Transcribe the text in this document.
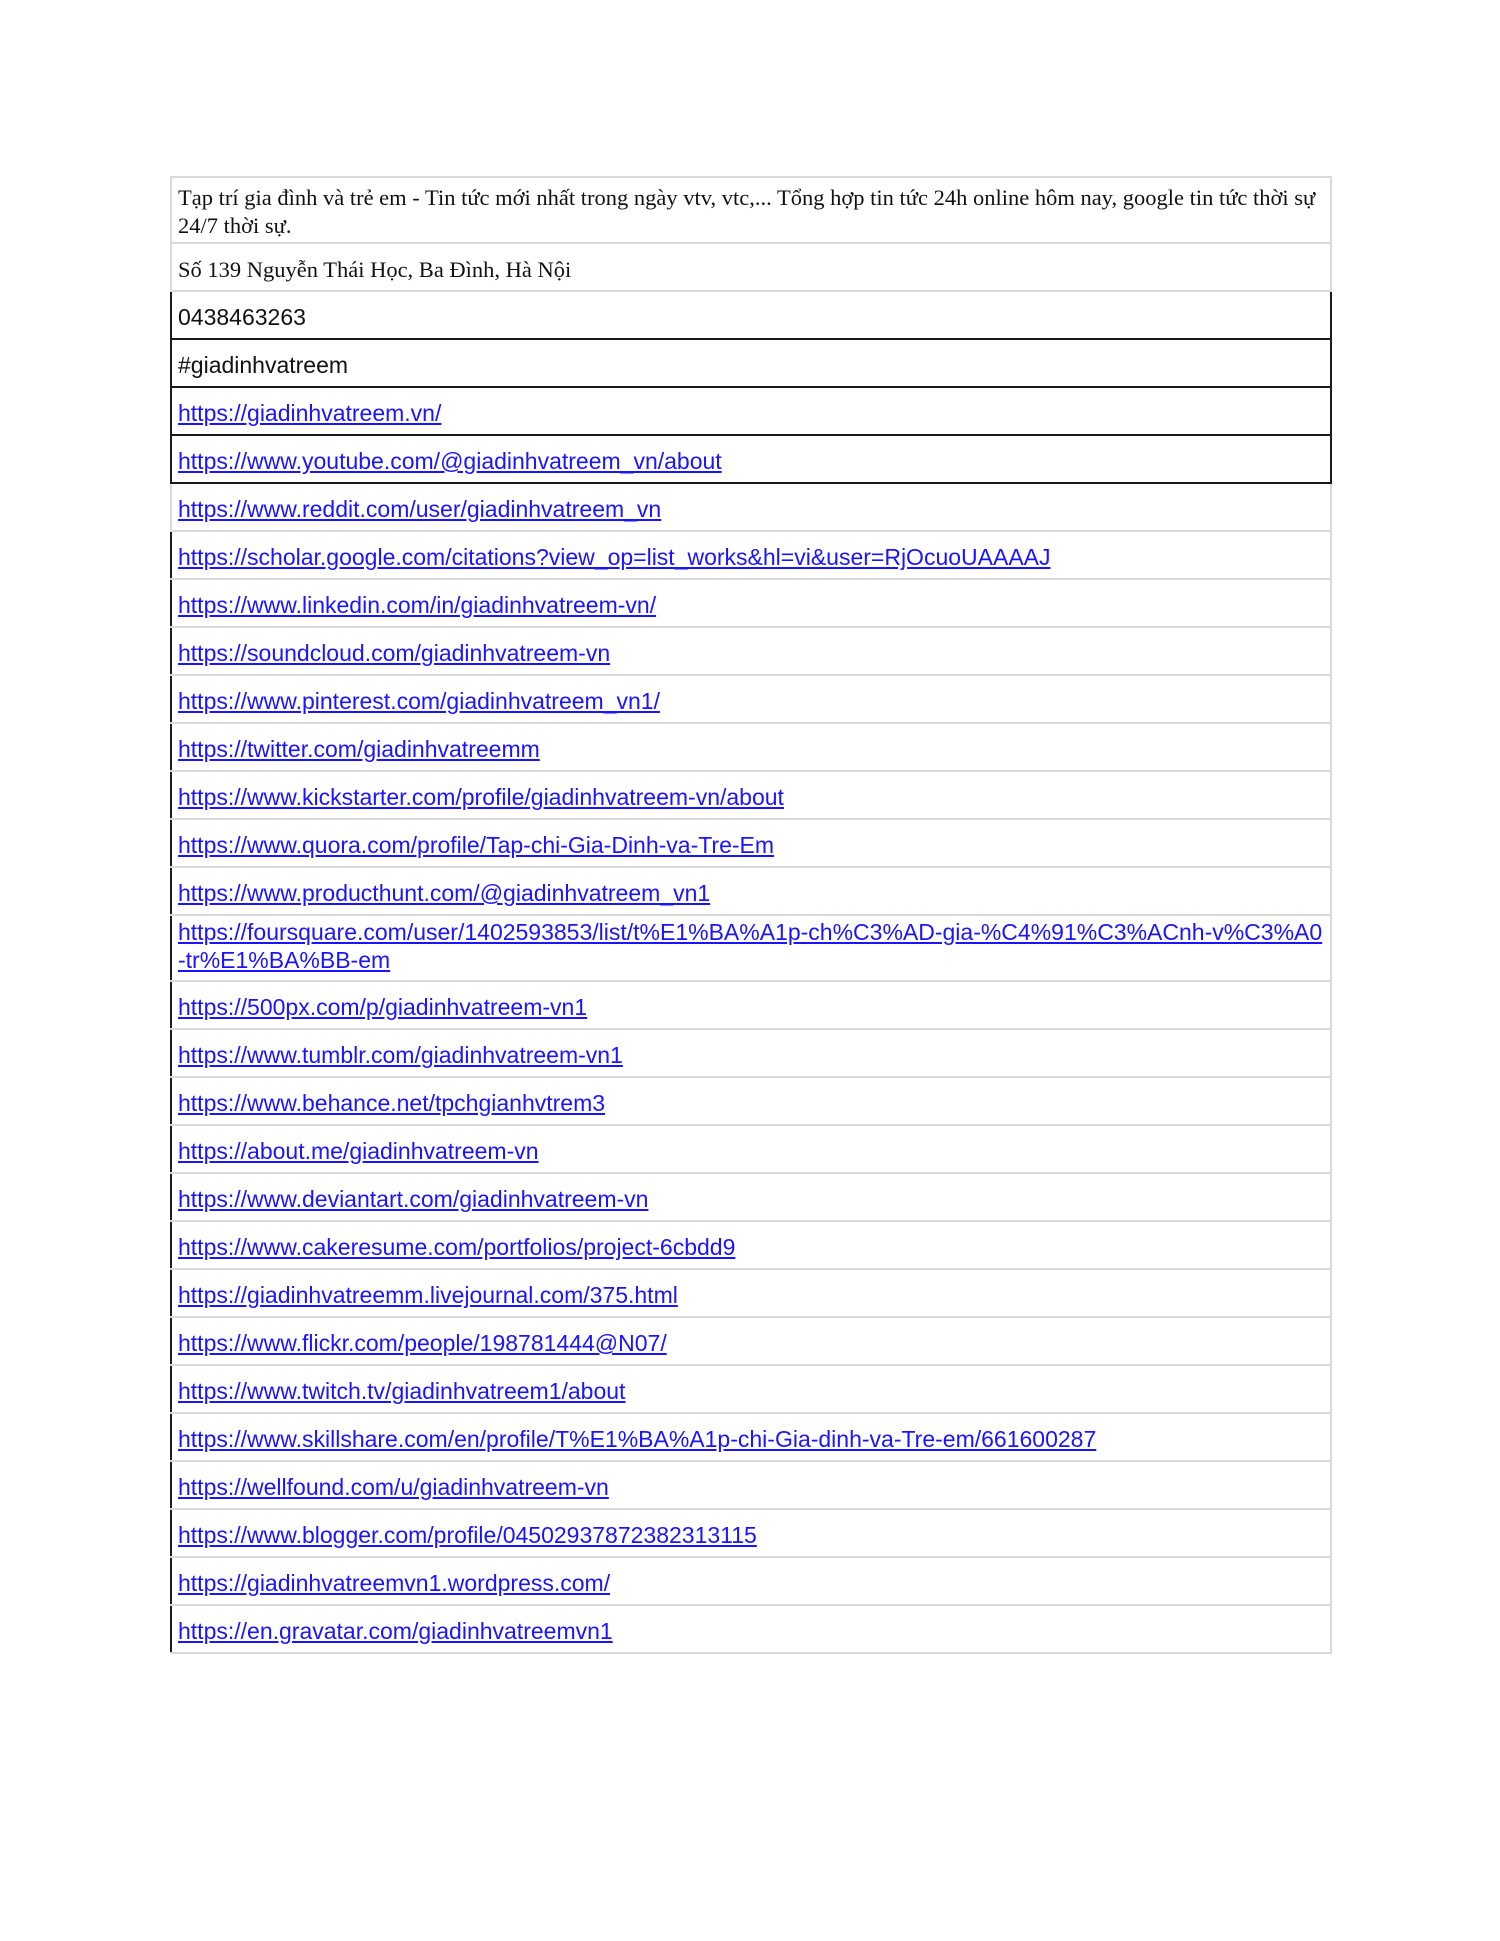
Tạp trí gia đình và trẻ em - Tin tức mới nhất trong ngày vtv, vtc,... Tổng hợp tin tức 24h online hôm nay, google tin tức thời sự 24/7 thời sự.
Số 139 Nguyễn Thái Học, Ba Đình, Hà Nội
0438463263
#giadinhvatreem
https://giadinhvatreem.vn/
https://www.youtube.com/@giadinhvatreem_vn/about
https://www.reddit.com/user/giadinhvatreem_vn
https://scholar.google.com/citations?view_op=list_works&hl=vi&user=RjOcuoUAAAAJ
https://www.linkedin.com/in/giadinhvatreem-vn/
https://soundcloud.com/giadinhvatreem-vn
https://www.pinterest.com/giadinhvatreem_vn1/
https://twitter.com/giadinhvatreemm
https://www.kickstarter.com/profile/giadinhvatreem-vn/about
https://www.quora.com/profile/Tap-chi-Gia-Dinh-va-Tre-Em
https://www.producthunt.com/@giadinhvatreem_vn1
https://foursquare.com/user/1402593853/list/t%E1%BA%A1p-ch%C3%AD-gia-%C4%91%C3%ACnh-v%C3%A0-tr%E1%BA%BB-em
https://500px.com/p/giadinhvatreem-vn1
https://www.tumblr.com/giadinhvatreem-vn1
https://www.behance.net/tpchgianhvtrem3
https://about.me/giadinhvatreem-vn
https://www.deviantart.com/giadinhvatreem-vn
https://www.cakeresume.com/portfolios/project-6cbdd9
https://giadinhvatreemm.livejournal.com/375.html
https://www.flickr.com/people/198781444@N07/
https://www.twitch.tv/giadinhvatreem1/about
https://www.skillshare.com/en/profile/T%E1%BA%A1p-chi-Gia-dinh-va-Tre-em/661600287
https://wellfound.com/u/giadinhvatreem-vn
https://www.blogger.com/profile/04502937872382313115
https://giadinhvatreemvn1.wordpress.com/
https://en.gravatar.com/giadinhvatreemvn1
